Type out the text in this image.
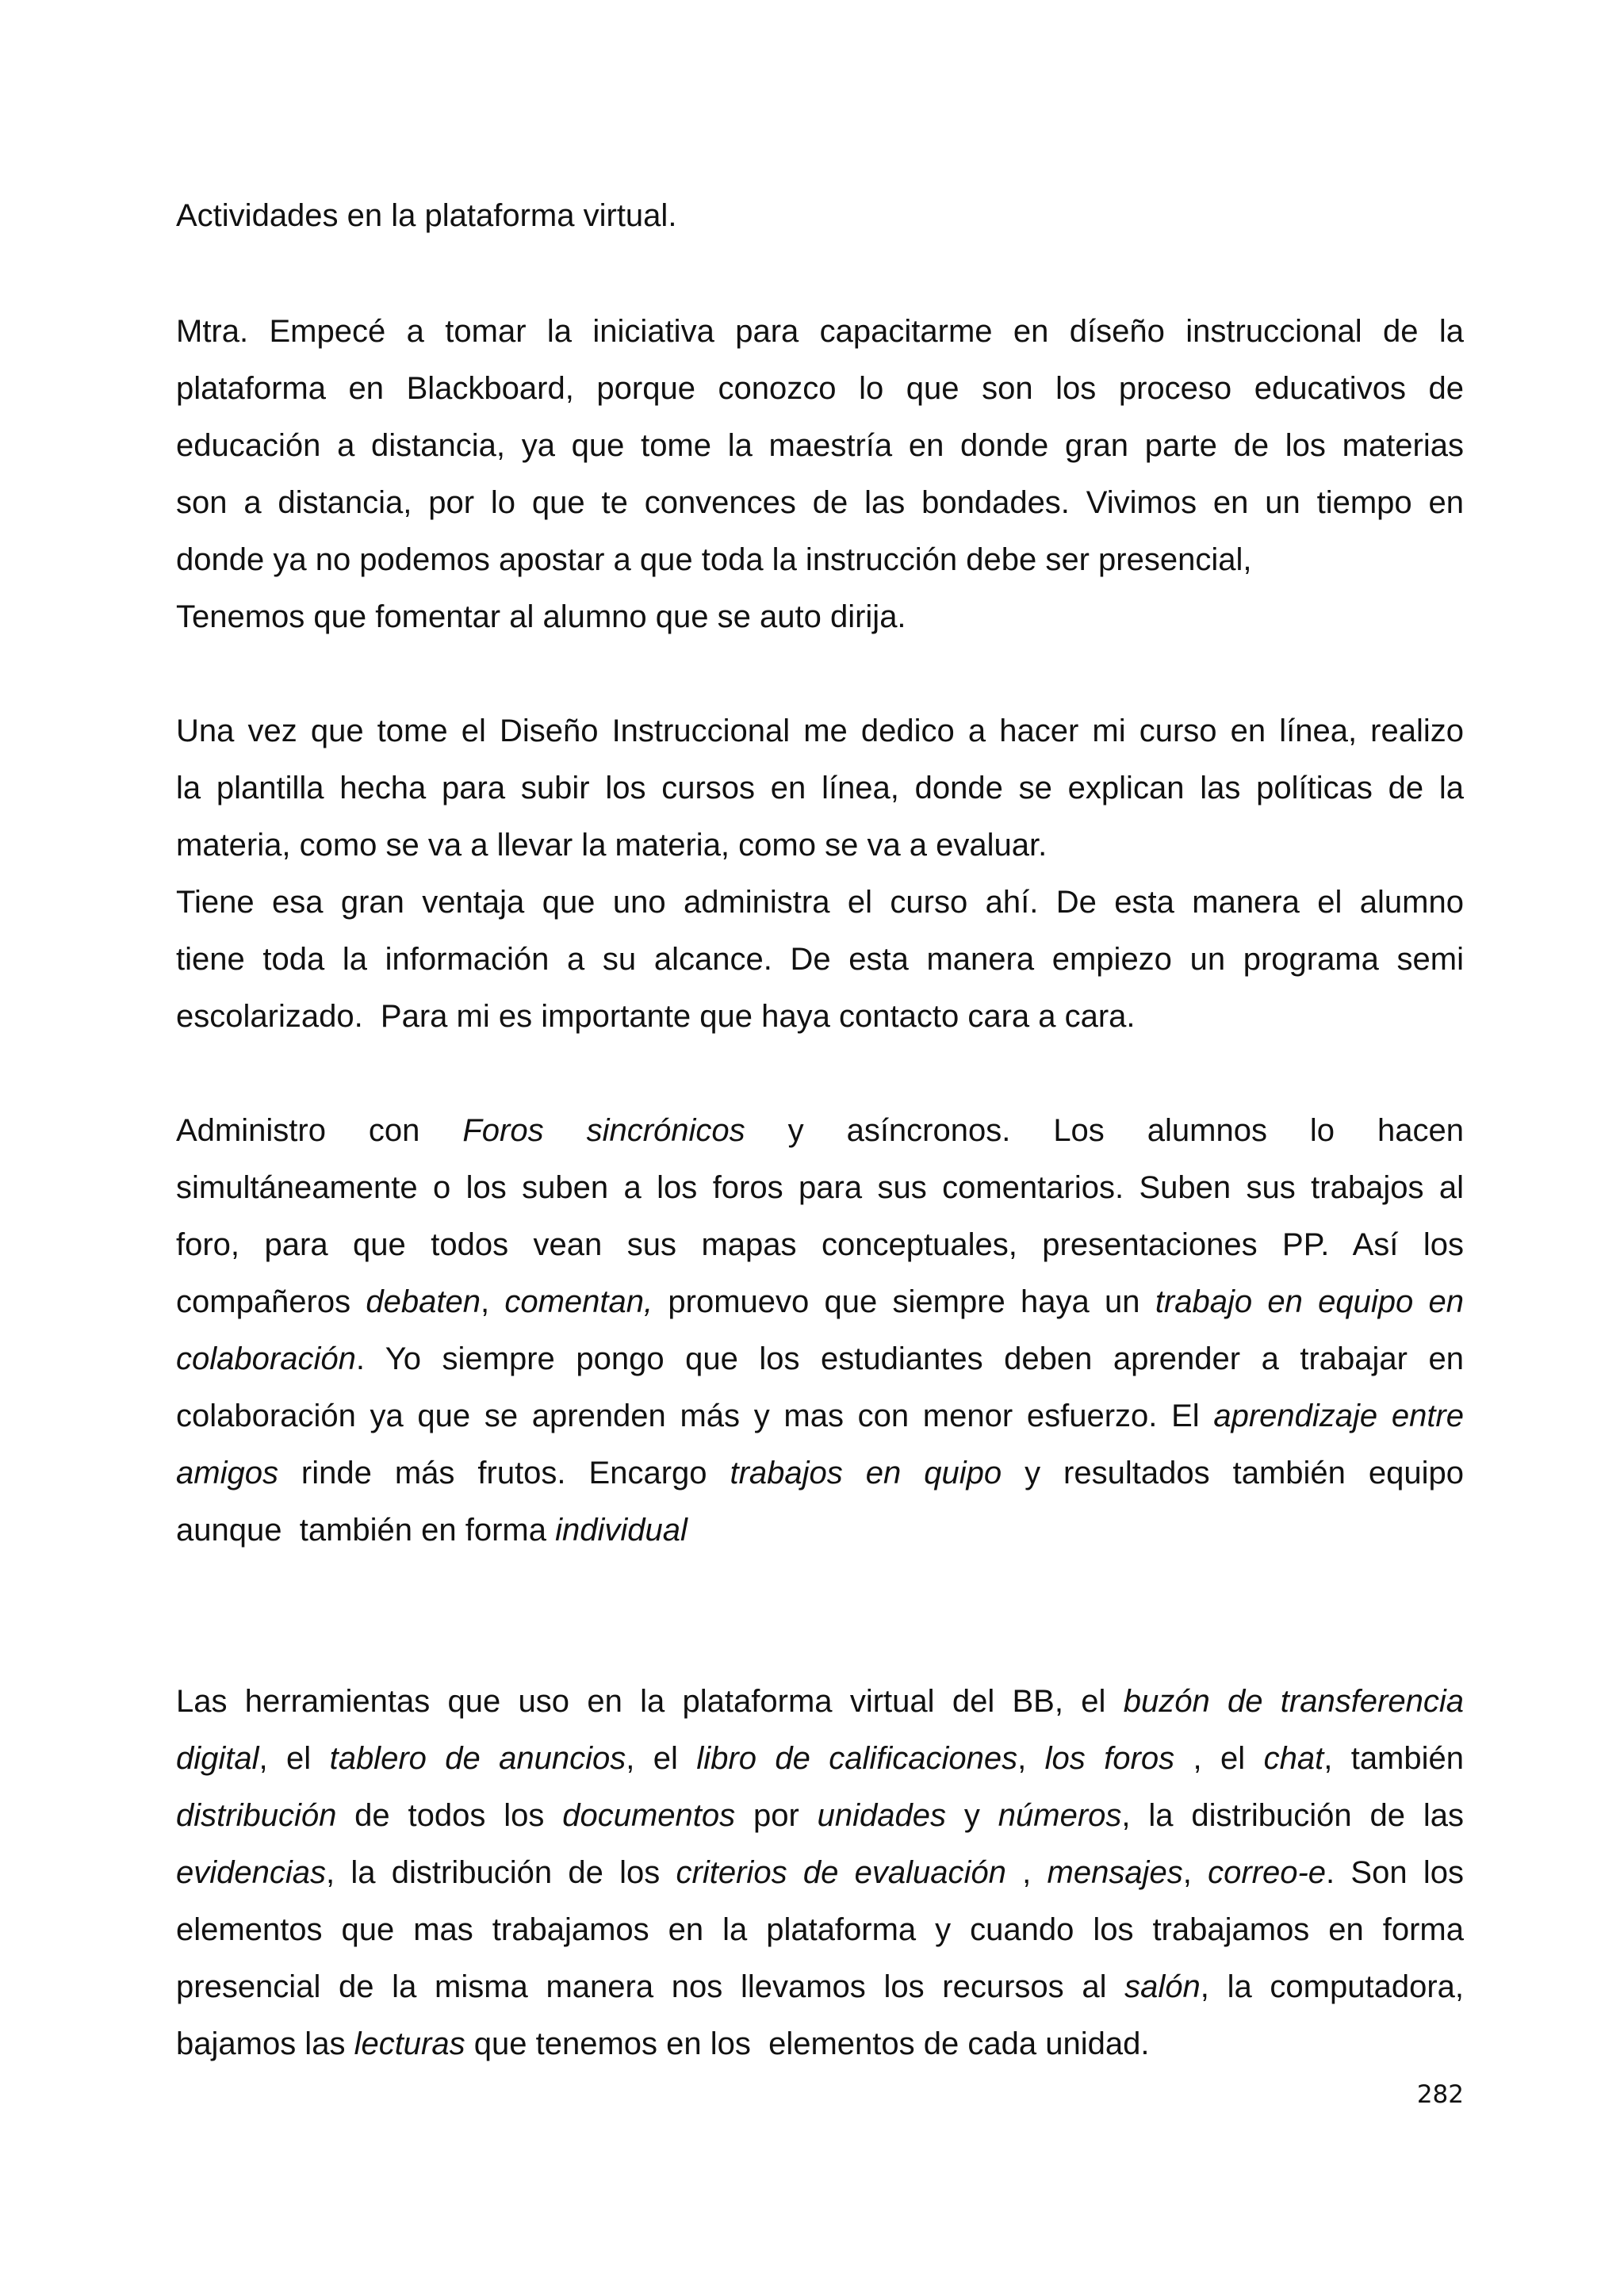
Actividades en la plataforma virtual.

Mtra. Empecé a tomar la iniciativa para capacitarme en díseño instruccional de la
plataforma en Blackboard, porque conozco lo que son los proceso educativos de
educación a distancia, ya que tome la maestría en donde gran parte de los materias
son a distancia, por lo que te convences de las bondades. Vivimos en un tiempo en
donde ya no podemos apostar a que toda la instrucción debe ser presencial,
Tenemos que fomentar al alumno que se auto dirija.
Una vez que tome el Diseño Instruccional me dedico a hacer mi curso en línea, realizo
la plantilla hecha para subir los cursos en línea, donde se explican las políticas de la
materia, como se va a llevar la materia, como se va a evaluar.
Tiene esa gran ventaja que uno administra el curso ahí. De esta manera el alumno
tiene toda la información a su alcance. De esta manera empiezo un programa semi
escolarizado.  Para mi es importante que haya contacto cara a cara.
Administro con Foros sincrónicos y asíncronos. Los alumnos lo hacen
simultáneamente o los suben a los foros para sus comentarios. Suben sus trabajos al
foro, para que todos vean sus mapas conceptuales, presentaciones PP. Así los
compañeros debaten, comentan, promuevo que siempre haya un trabajo en equipo en
colaboración. Yo siempre pongo que los estudiantes deben aprender a trabajar en
colaboración ya que se aprenden más y mas con menor esfuerzo. El aprendizaje entre
amigos rinde más frutos. Encargo trabajos en quipo y resultados también equipo
aunque  también en forma individual
Las herramientas que uso en la plataforma virtual del BB, el buzón de transferencia
digital, el tablero de anuncios, el libro de calificaciones, los foros , el chat, también
distribución de todos los documentos por unidades y números, la distribución de las
evidencias, la distribución de los criterios de evaluación , mensajes, correo-e. Son los
elementos que mas trabajamos en la plataforma y cuando los trabajamos en forma
presencial de la misma manera nos llevamos los recursos al salón, la computadora,
bajamos las lecturas que tenemos en los  elementos de cada unidad.

282
